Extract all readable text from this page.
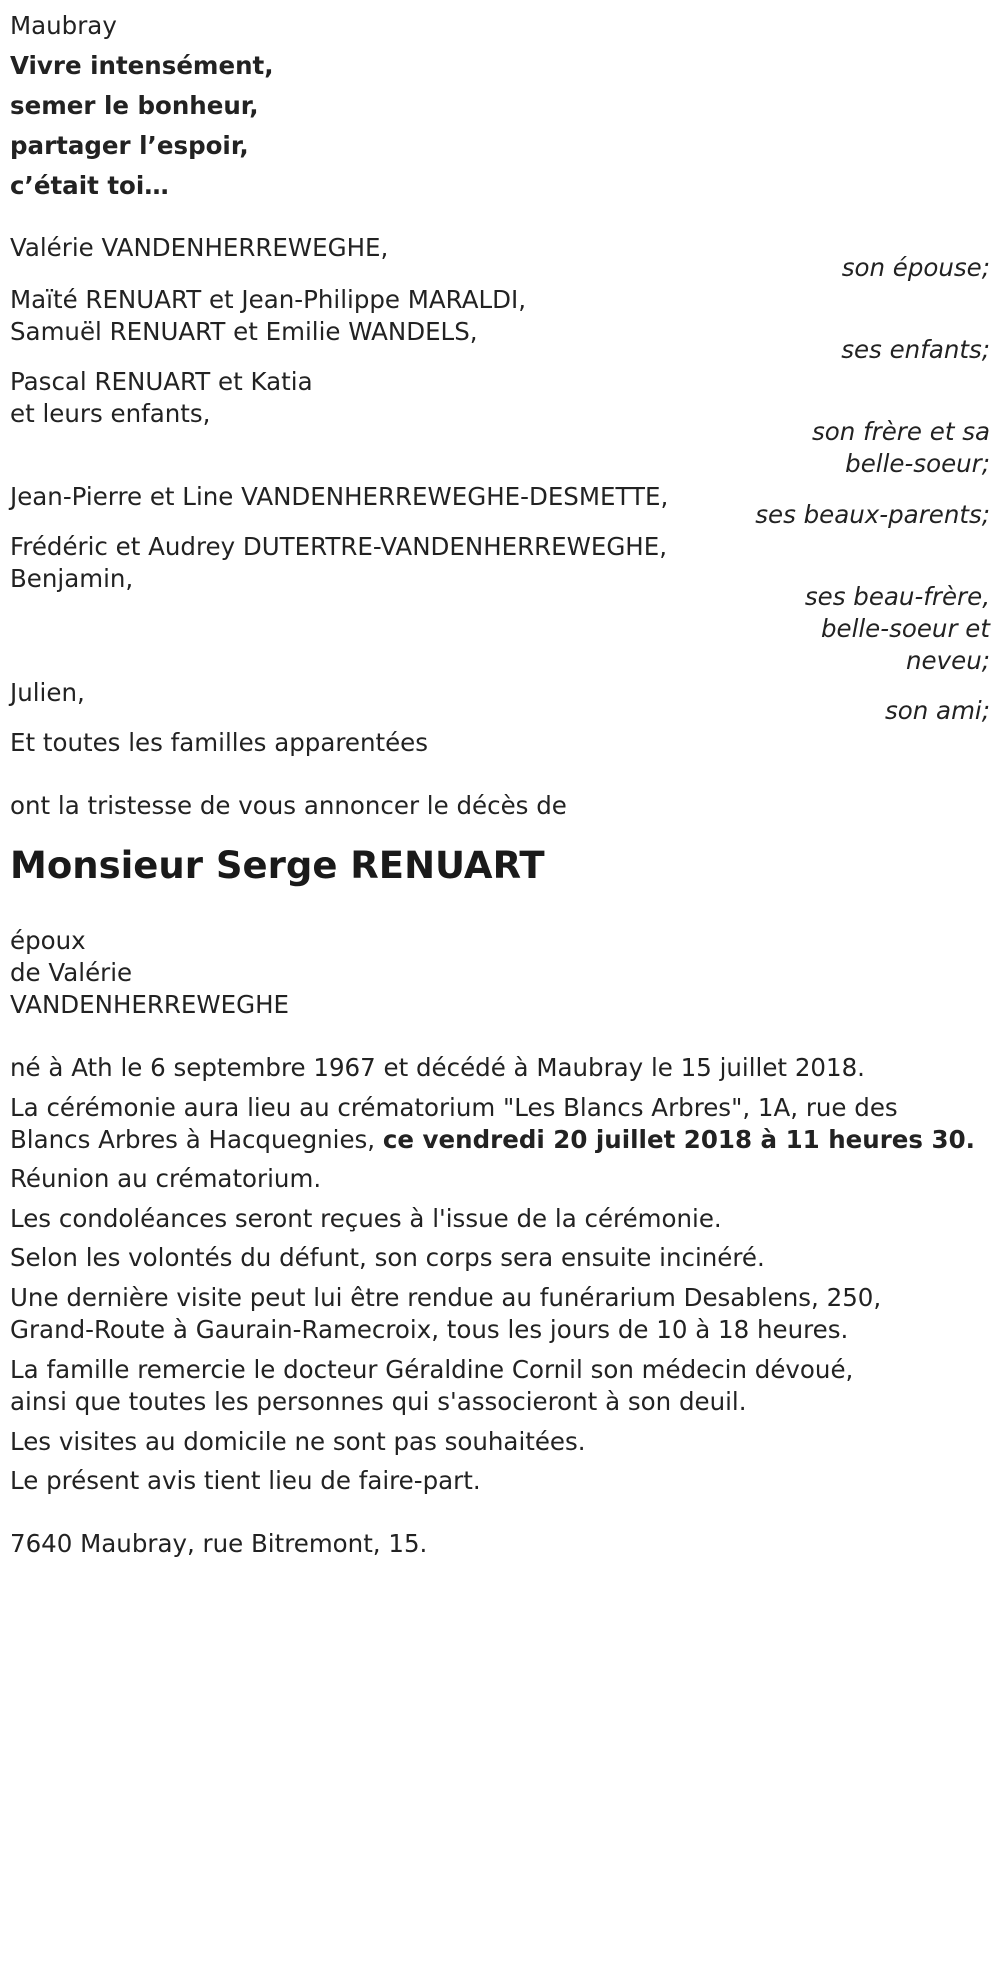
Maubray
Vivre intensément,
semer le bonheur,
partager l’espoir,
c’était toi…
Valérie VANDENHERREWEGHE,
son épouse;
Maïté RENUART et Jean-Philippe MARALDI,
Samuël RENUART et Emilie WANDELS,
ses enfants;
Pascal RENUART et Katia
et leurs enfants,
son frère et sa
belle-soeur;
Jean-Pierre et Line VANDENHERREWEGHE-DESMETTE,
ses beaux-parents;
Frédéric et Audrey DUTERTRE-VANDENHERREWEGHE,
Benjamin,
ses beau-frère,
belle-soeur et
neveu;
Julien,
son ami;
Et toutes les familles apparentées
ont la tristesse de vous annoncer le décès de
Monsieur Serge RENUART
époux
de Valérie
VANDENHERREWEGHE
né à Ath le 6 septembre 1967 et décédé à Maubray le 15 juillet 2018.
La cérémonie aura lieu au crématorium "Les Blancs Arbres", 1A, rue des
Blancs Arbres à Hacquegnies, ce vendredi 20 juillet 2018 à 11 heures 30.
Réunion au crématorium.
Les condoléances seront reçues à l'issue de la cérémonie.
Selon les volontés du défunt, son corps sera ensuite incinéré.
Une dernière visite peut lui être rendue au funérarium Desablens, 250,
Grand-Route à Gaurain-Ramecroix, tous les jours de 10 à 18 heures.
La famille remercie le docteur Géraldine Cornil son médecin dévoué,
ainsi que toutes les personnes qui s'associeront à son deuil.
Les visites au domicile ne sont pas souhaitées.
Le présent avis tient lieu de faire-part.
7640 Maubray, rue Bitremont, 15.
